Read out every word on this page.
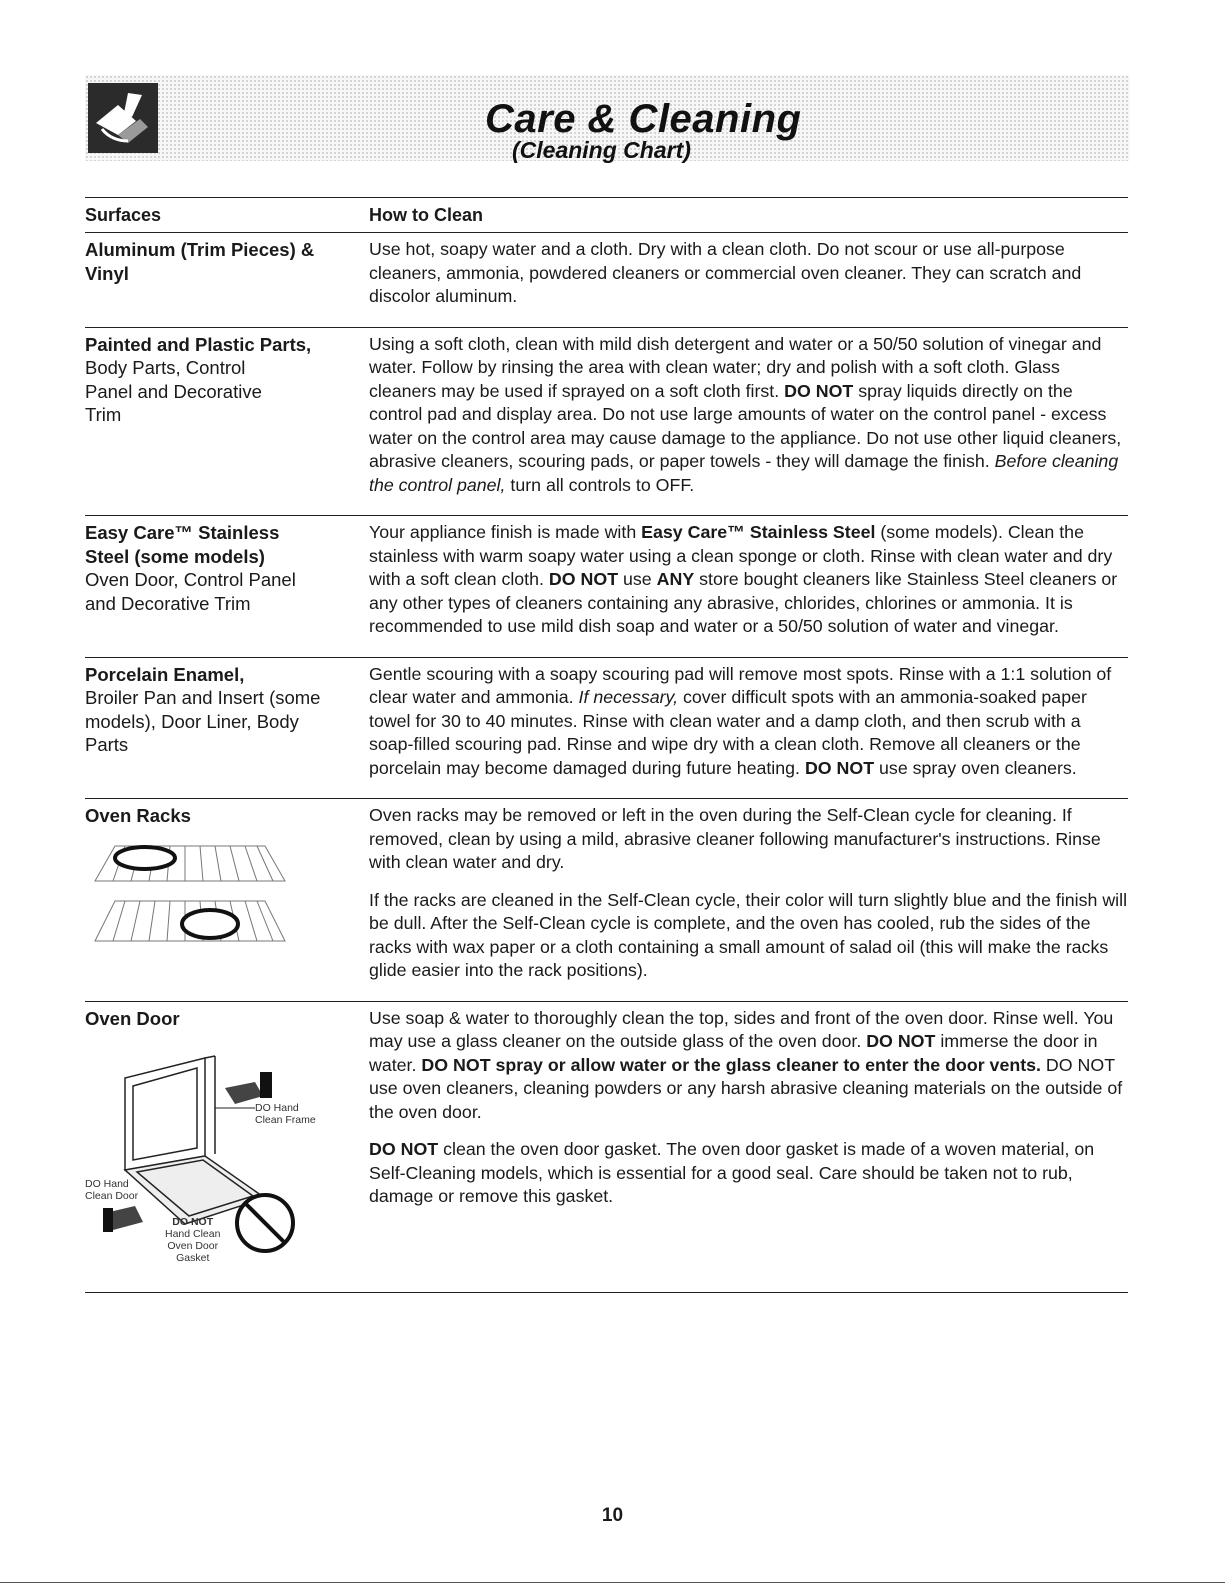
Care & Cleaning
(Cleaning Chart)
Surfaces	How to Clean
Aluminum (Trim Pieces) & Vinyl

Use hot, soapy water and a cloth. Dry with a clean cloth. Do not scour or use all-purpose cleaners, ammonia, powdered cleaners or commercial oven cleaner. They can scratch and discolor aluminum.

Painted and Plastic Parts,
Body Parts, Control Panel and Decorative Trim

Using a soft cloth, clean with mild dish detergent and water or a 50/50 solution of vinegar and water. Follow by rinsing the area with clean water; dry and polish with a soft cloth. Glass cleaners may be used if sprayed on a soft cloth first. DO NOT spray liquids directly on the control pad and display area. Do not use large amounts of water on the control panel - excess water on the control area may cause damage to the appliance. Do not use other liquid cleaners, abrasive cleaners, scouring pads, or paper towels - they will damage the finish. Before cleaning the control panel, turn all controls to OFF.

Easy Care™ Stainless Steel (some models)
Oven Door, Control Panel and Decorative Trim

Your appliance finish is made with Easy Care™ Stainless Steel (some models). Clean the stainless with warm soapy water using a clean sponge or cloth. Rinse with clean water and dry with a soft clean cloth. DO NOT use ANY store bought cleaners like Stainless Steel cleaners or any other types of cleaners containing any abrasive, chlorides, chlorines or ammonia. It is recommended to use mild dish soap and water or a 50/50 solution of water and vinegar.

Porcelain Enamel,
Broiler Pan and Insert (some models), Door Liner, Body Parts

Gentle scouring with a soapy scouring pad will remove most spots. Rinse with a 1:1 solution of clear water and ammonia. If necessary, cover difficult spots with an ammonia-soaked paper towel for 30 to 40 minutes. Rinse with clean water and a damp cloth, and then scrub with a soap-filled scouring pad. Rinse and wipe dry with a clean cloth. Remove all cleaners or the porcelain may become damaged during future heating. DO NOT use spray oven cleaners.

Oven Racks	Oven racks may be removed or left in the oven during the Self-Clean cycle for cleaning. If removed, clean by using a mild, abrasive cleaner following manufacturer's instructions. Rinse with clean water and dry.

If the racks are cleaned in the Self-Clean cycle, their color will turn slightly blue and the finish will be dull. After the Self-Clean cycle is complete, and the oven has cooled, rub the sides of the racks with wax paper or a cloth containing a small amount of salad oil (this will make the racks glide easier into the rack positions).

Oven Door
DO Hand
Clean Frame
DO Hand
Clean Door
DO NOT
Hand Clean
Oven Door
Gasket

Use soap & water to thoroughly clean the top, sides and front of the oven door. Rinse well. You may use a glass cleaner on the outside glass of the oven door. DO NOT immerse the door in water. DO NOT spray or allow water or the glass cleaner to enter the door vents. DO NOT use oven cleaners, cleaning powders or any harsh abrasive cleaning materials on the outside of the oven door.

DO NOT clean the oven door gasket. The oven door gasket is made of a woven material, on Self-Cleaning models, which is essential for a good seal. Care should be taken not to rub, damage or remove this gasket.

10
